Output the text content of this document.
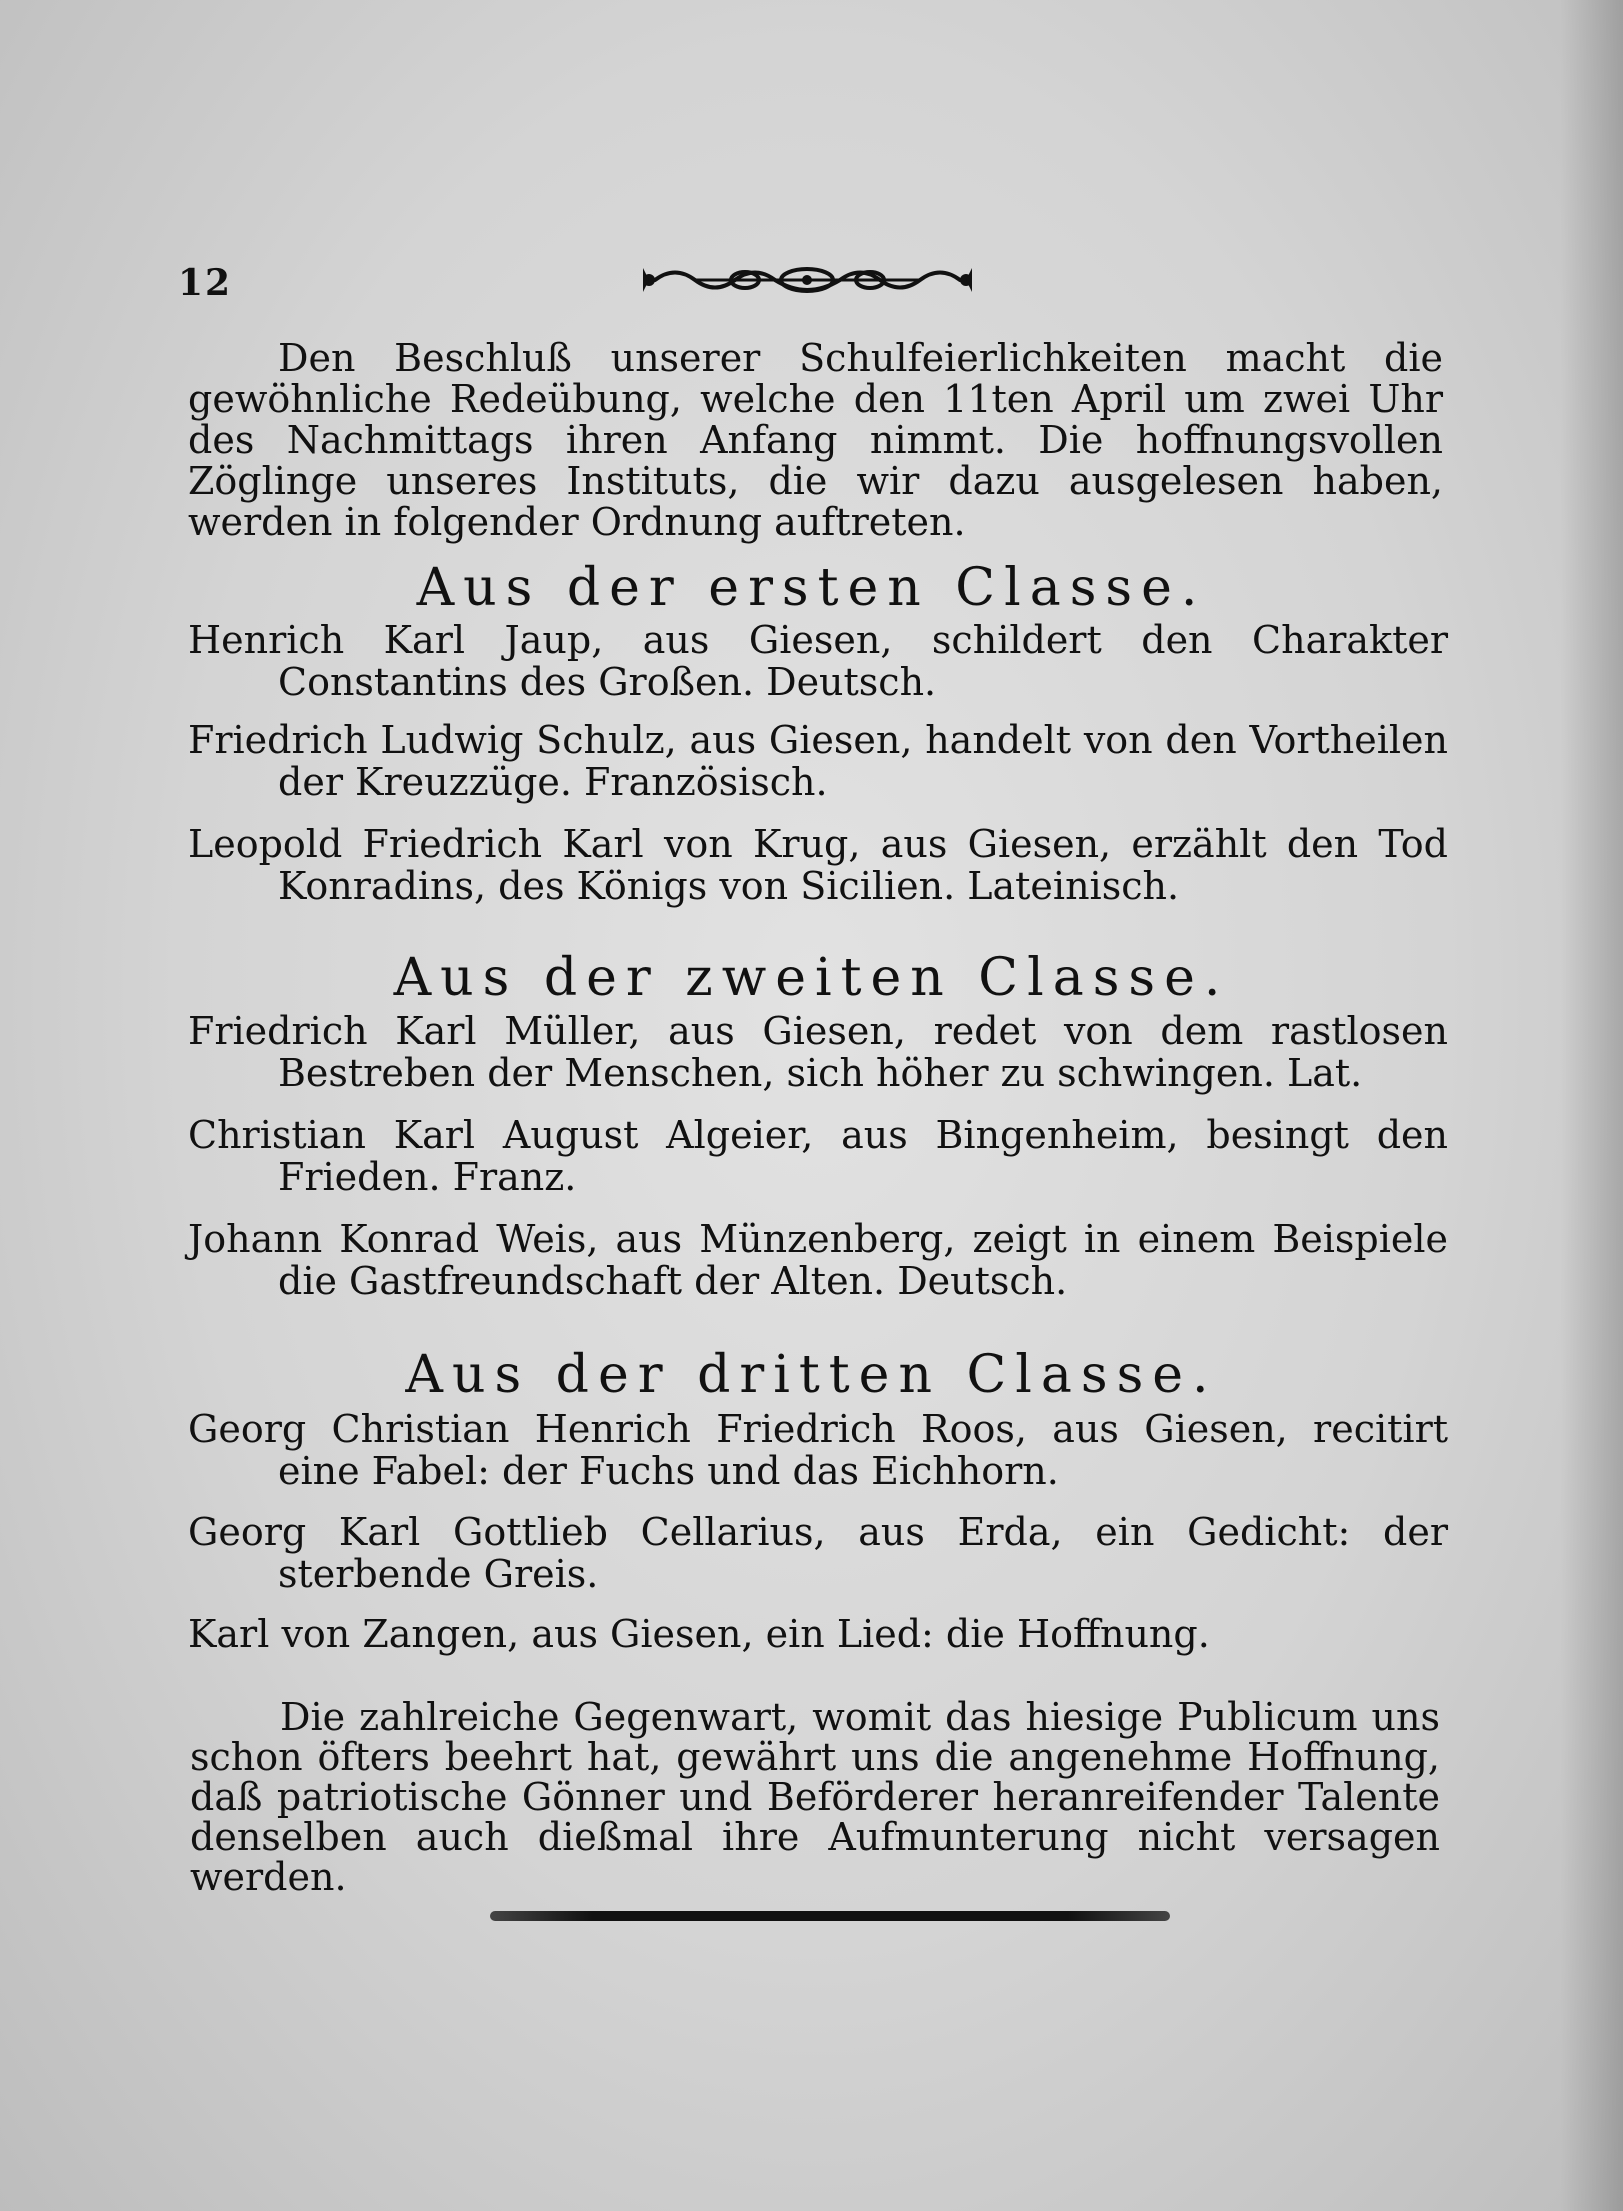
12
Den Beschluß unserer Schulfeierlichkeiten macht die gewöhnliche Redeübung, welche den 11ten April um zwei Uhr des Nachmittags ihren Anfang nimmt. Die hoffnungsvollen Zöglinge unseres Instituts, die wir dazu ausgelesen haben, werden in folgender Ordnung auftreten.
Aus der ersten Classe.
Henrich Karl Jaup, aus Giesen, schildert den Charakter Constantins des Großen. Deutsch.
Friedrich Ludwig Schulz, aus Giesen, handelt von den Vortheilen der Kreuzzüge. Französisch.
Leopold Friedrich Karl von Krug, aus Giesen, erzählt den Tod Konradins, des Königs von Sicilien. Lateinisch.
Aus der zweiten Classe.
Friedrich Karl Müller, aus Giesen, redet von dem rastlosen Bestreben der Menschen, sich höher zu schwingen. Lat.
Christian Karl August Algeier, aus Bingenheim, besingt den Frieden. Franz.
Johann Konrad Weis, aus Münzenberg, zeigt in einem Beispiele die Gastfreundschaft der Alten. Deutsch.
Aus der dritten Classe.
Georg Christian Henrich Friedrich Roos, aus Giesen, recitirt eine Fabel: der Fuchs und das Eichhorn.
Georg Karl Gottlieb Cellarius, aus Erda, ein Gedicht: der sterbende Greis.
Karl von Zangen, aus Giesen, ein Lied: die Hoffnung.
Die zahlreiche Gegenwart, womit das hiesige Publicum uns schon öfters beehrt hat, gewährt uns die angenehme Hoffnung, daß patriotische Gönner und Beförderer heranreifender Talente denselben auch dießmal ihre Aufmunterung nicht versagen werden.
